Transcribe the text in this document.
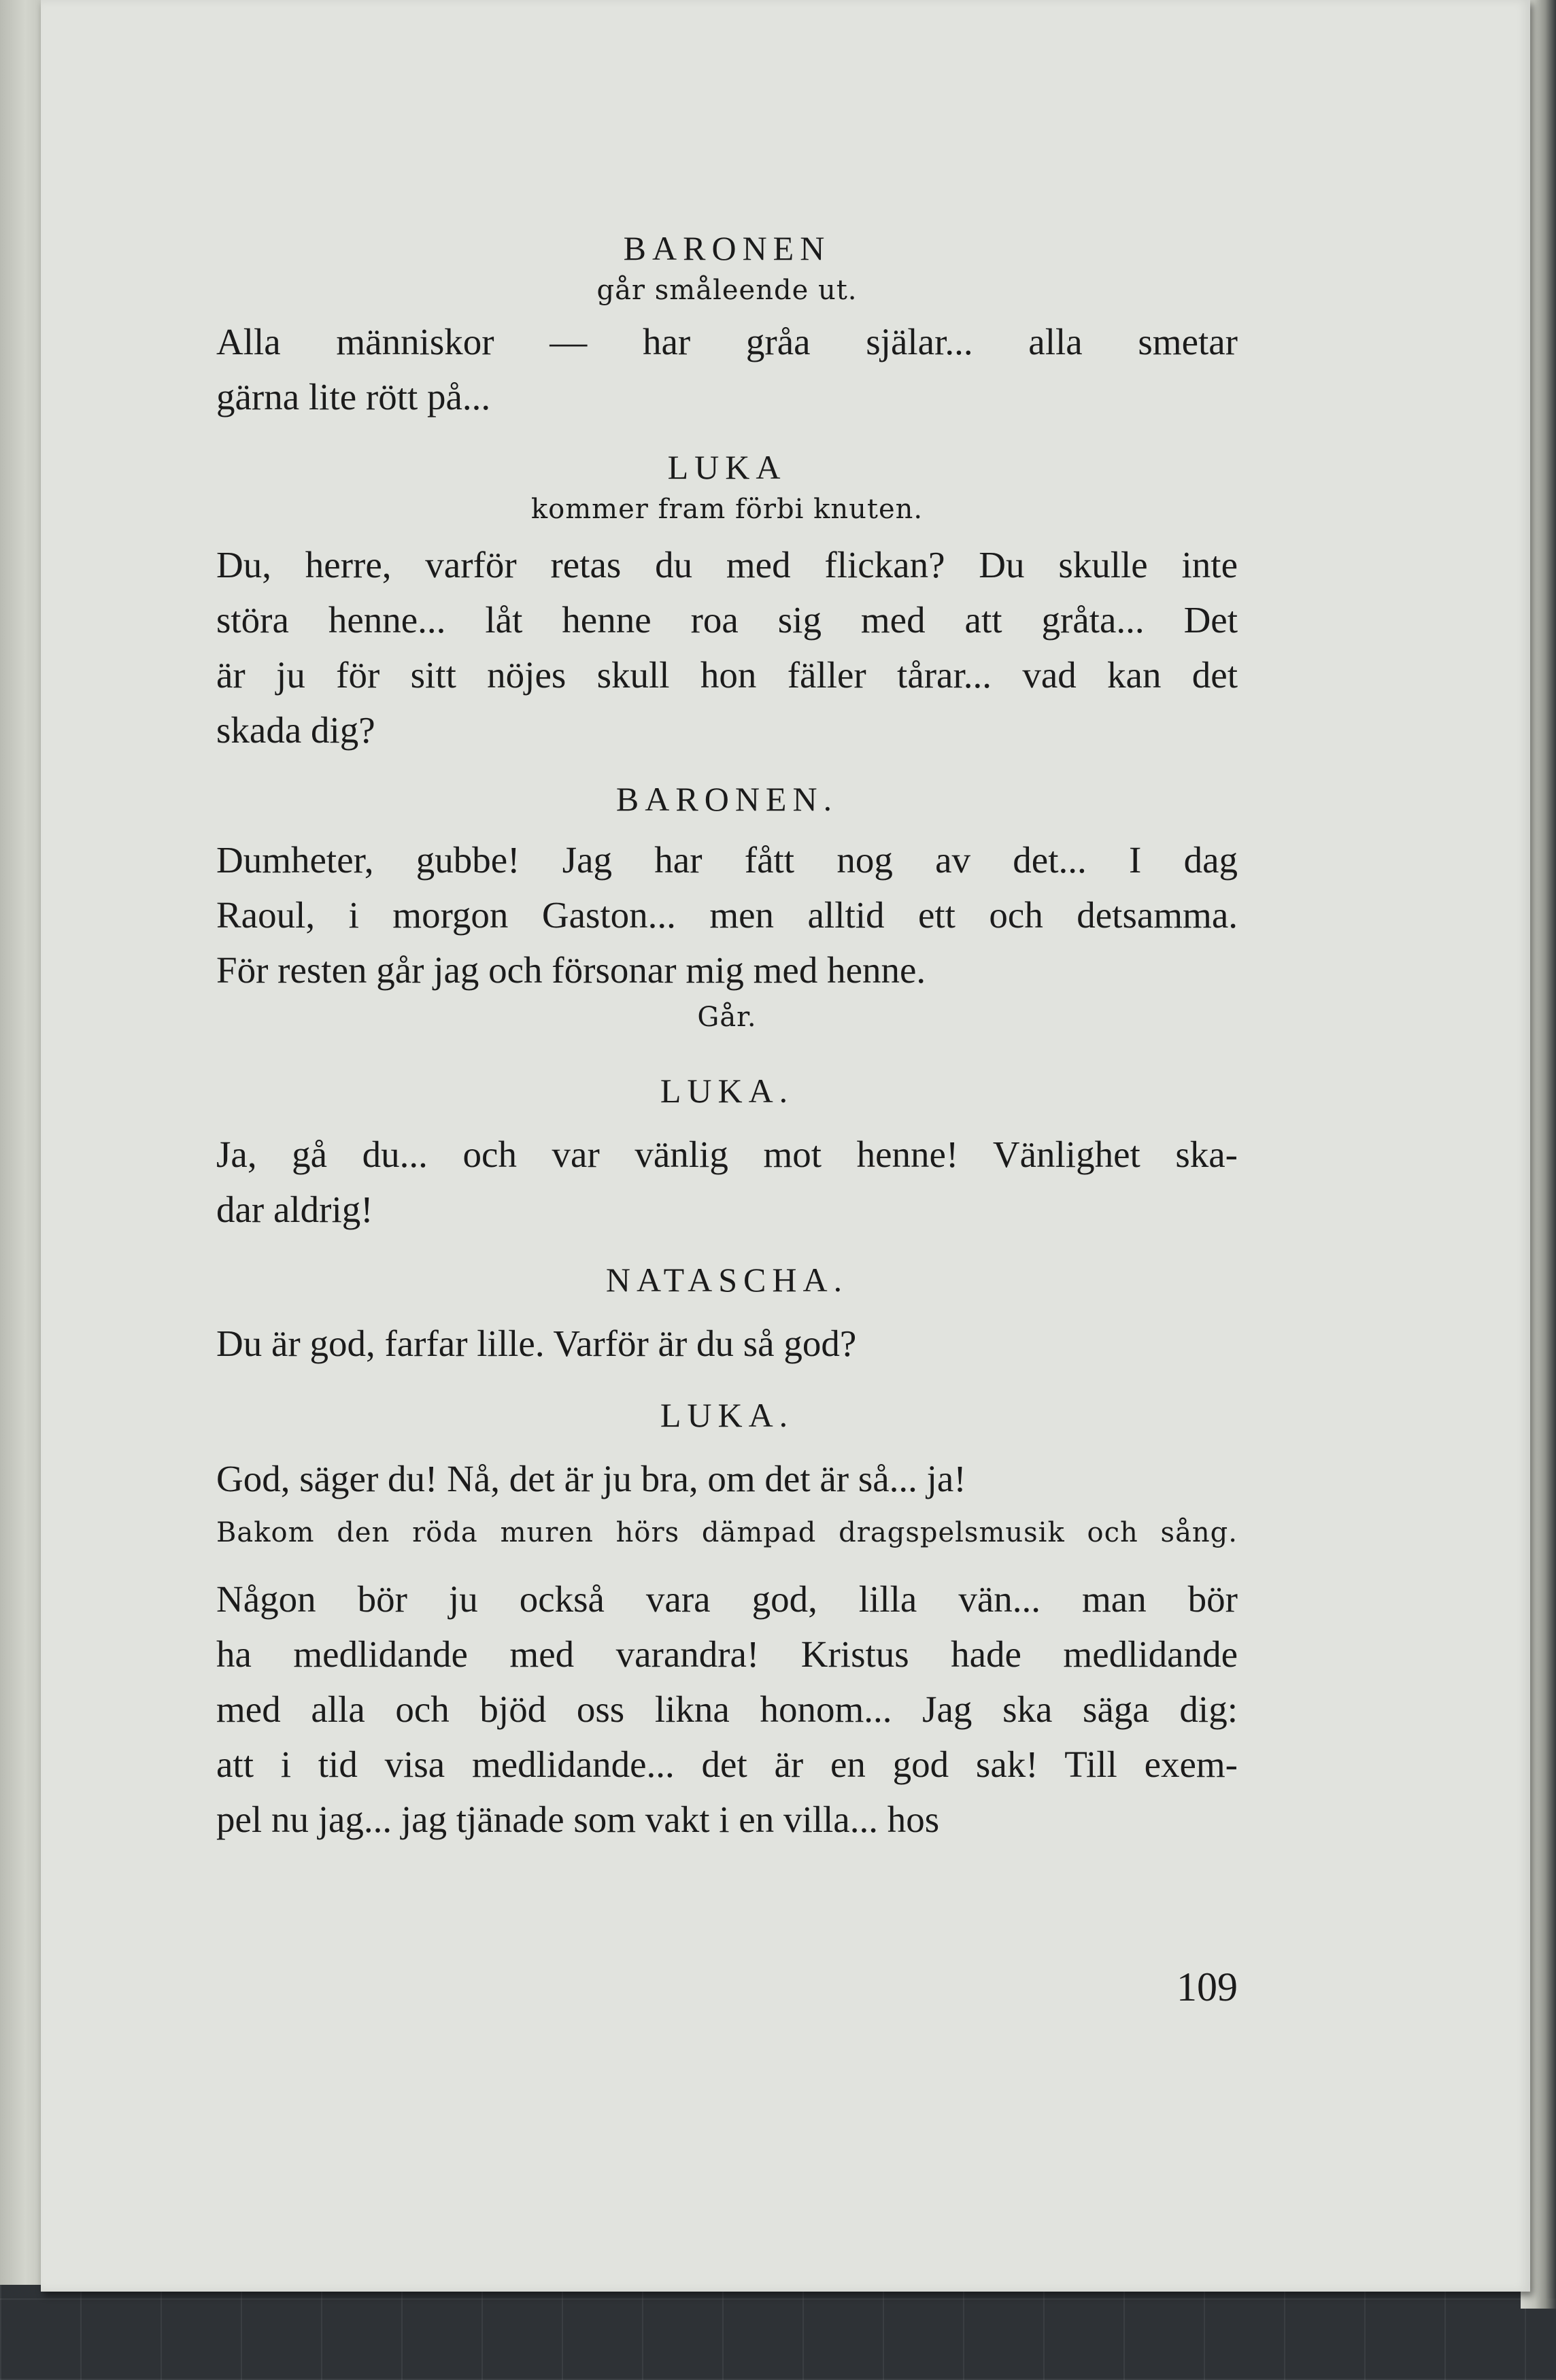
BARONEN

går småleende ut.

Alla människor — har gråa själar... alla smetar
gärna lite rött på...

LUKA

kommer fram förbi knuten.

Du, herre, varför retas du med flickan? Du skulle inte
störa henne... låt henne roa sig med att gråta... Det
är ju för sitt nöjes skull hon fäller tårar... vad kan det
skada dig?

BARONEN.

Dumheter, gubbe! Jag har fått nog av det... I dag
Raoul, i morgon Gaston... men alltid ett och detsamma.
För resten går jag och försonar mig med henne.

Går.

LUKA.

Ja, gå du... och var vänlig mot henne! Vänlighet ska-
dar aldrig!

NATASCHA.

Du är god, farfar lille. Varför är du så god?

LUKA.

God, säger du! Nå, det är ju bra, om det är så... ja!

Bakom den röda muren hörs dämpad dragspelsmusik och sång.

Någon bör ju också vara god, lilla vän... man bör
ha medlidande med varandra! Kristus hade medlidande
med alla och bjöd oss likna honom... Jag ska säga dig:
att i tid visa medlidande... det är en god sak! Till exem-
pel nu jag... jag tjänade som vakt i en villa... hos
109
